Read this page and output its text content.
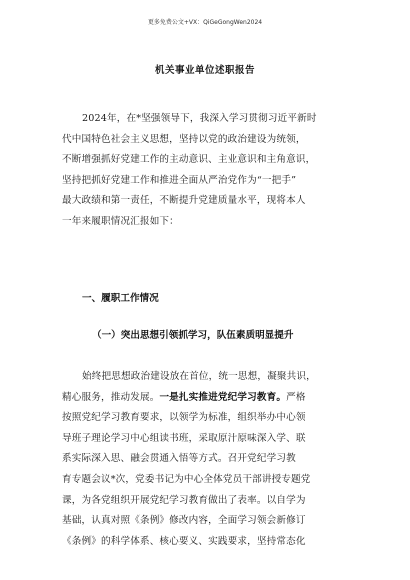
更多免费公文+VX：QiGeGongWen2024
机关事业单位述职报告
2024年，在*坚强领导下，我深入学习贯彻习近平新时
代中国特色社会主义思想，坚持以党的政治建设为统领，
不断增强抓好党建工作的主动意识、主业意识和主角意识，
坚持把抓好党建工作和推进全面从严治党作为“一把手”
最大政绩和第一责任，不断提升党建质量水平，现将本人
一年来履职情况汇报如下：
一、履职工作情况
（一）突出思想引领抓学习，队伍素质明显提升
始终把思想政治建设放在首位，统一思想，凝聚共识，
精心服务，推动发展。一是扎实推进党纪学习教育。严格
按照党纪学习教育要求，以领学为标准，组织举办中心领
导班子理论学习中心组读书班，采取原汁原味深入学、联
系实际深入思、融会贯通入悟等方式。召开党纪学习教
育专题会议*次，党委书记为中心全体党员干部讲授专题党
课，为各党组织开展党纪学习教育做出了表率。以自学为
基础，认真对照《条例》修改内容，全面学习领会新修订
《条例》的科学体系、核心要义、实践要求，坚持常态化
